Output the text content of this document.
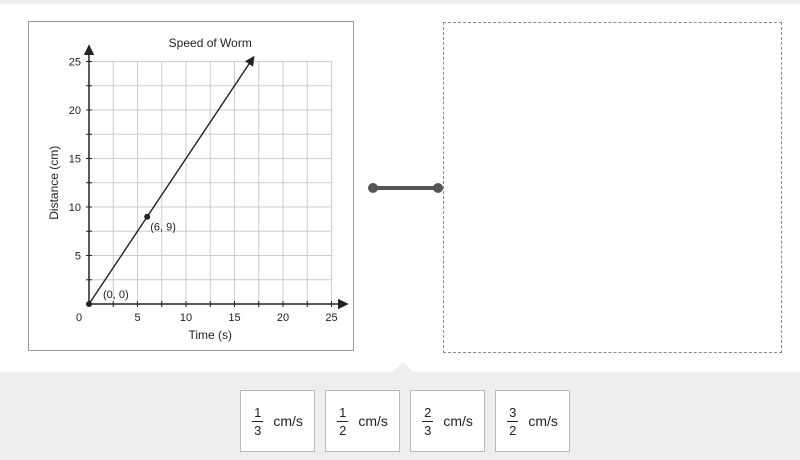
5	10	15	20	25
0
5
10
15
20
25
Speed of Worm
Time (s)
Distance (cm)
(0, 0)
(6, 9)
$\frac{1}{3} cm/s$	$\frac{1}{2} cm/s$	$\frac{2}{3} cm/s$	$\frac{3}{2} cm/s$
